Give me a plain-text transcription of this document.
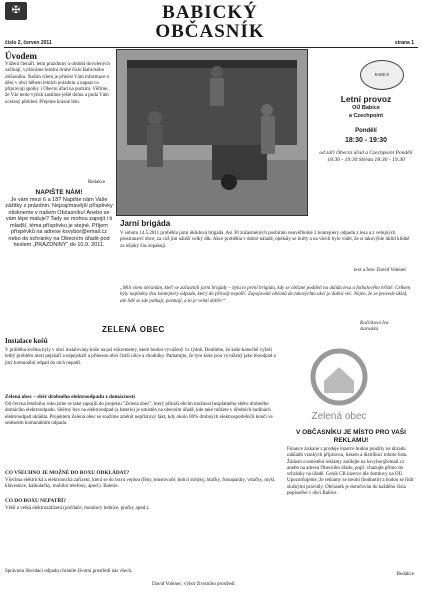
✠	BABICKÝ
OBČASNÍK
číslo 2, červen 2011	strana 1
Úvodem
Vážení čtenáři, letní prázdniny a období dovolených začínají, vydáváme letošní druhé číslo Babického občasníku. Našim cílem je přinést Vám informace o dění v obci během letních prázdnin a napsat co připravují spolky i Obecní úřad na podzim. Věříme, že Vás tento výtisk zastihne ještě doma a poda Vám ucelený přehled. Přejeme krásné léto.
Redakce
NAPIŠTE NÁM!
Je vám mezi 6 a 18? Napište nám Vaše zážitky z prázdnin. Nejzajímavější příspěvky otiskneme v našem Občasníku! Anebo se vám lépe maluje? Tady se mohou zapojit i ti mladší, téma příspěvku je stejné. Příjem příspěvků na adrese ksvybor@email.cz nebo do schránky na Obecním úřadě pod heslem „PRÁZDNINY“ do 10.9. 2011.
BABICE
Letní provoz
OÚ Babice
a Czechpoint
Pondělí
18:30 - 19:30
od září Obecní úřad a Czechpoint Pondělí 18:30 - 19:30 Středa 18:30 - 19:30
Jarní brigáda
V sobotu 14.5.2011 proběhla jarní úklidová brigáda. Asi 30 zúčastněných posbíralo neuvěřitelné 2 kontejnery odpadu z lesa a z veřejných prostranství obce, za což jim náleží velký dík. Akce proběhla v dobré náladě, opékaly se buřty a na všech bylo vidět, že si takovýhle úklid klidně za nějaký čas zopakují.
text a foto: David Volenec
„Milí všem občanům, kteří se zúčastnili jarní brigády – byla to první brigáda, kdy se občané podíleli na úklidu lesa a fotbalového hřiště. Celkem byly naplněny dva kontejnery odpadu, který do přírody nepatří. Zapojování občanů do takovýchto akcí je dobrá věc. Nejen, že se provede úklid, ale lidé se zde potkají, pozmají, a to je velmi dobře.“
Kačírková Iva
starostka
ZELENÁ OBEC
Zelená obec
Instalace košů
V průběhu května byly v obci instalovány koše na psí exkrementy, které budou vyvážený 1x týdně. Doufáme, že koše konečně vyřeší letitý problém mezi pejskaři a nepejskaři a přinesou obci čistší ulice a chodníky. Pamatujte, že tyto koše jsou vyvážený jako bioodpad a jiný komunální odpad do nich nepatří.
Zelená obec – sběr drobného elektroodpadu z domácností
Od června letošního roku jsme se také zapojili do projektu "Zelená obec", který přináší obcím možnost bezplatného sběru drobného domácího elektroodpadu. Sběrný box na elektroodpad (a baterie) je umístěn na obecním úřadě, kde také můžete v úředních hodinách elektroodpad ukládat. Projektem Zelená obec se snažíme změnit nepříznivý fakt, kdy okolo 80% drobných elektrospotřebičů končí ve směsném komunálním odpadu.
CO VŠECHNO JE MOŽNÉ DO BOXU ODKLÁDAT?
Všechna elektrická a elektronická zařízení, která se do boxu vejdou (fény, toustovače, holicí strojky, hračky, fotoaparáty, vrtačky, myši, klávesnice, kalkulačky, mobilní telefony, apod.). Baterie.
CO DO BOXU NEPATŘÍ?
Větší a velká elektrozařízení (počítače, monitory lednice, pračky apod.).
Správnou likvidací odpadu chráníte životní prostředí nás všech.
David Volenec, výbor životního prostředí
V OBČASNÍKU JE MÍSTO PRO VAŠI REKLAMU!
Finance získané z prodeje inzerce budou použity na úhradu nákladů vznikých přípravou, tiskem a distribucí tohoto listu. Žádosti o umístění reklamy zasílejte na ksvybor@email.cz anebo na adresu Obecního úřadu, popř. vhazujte přímo do schránky na úřadě. Ceník CB inzerce dle domluvy na OÚ. Upozorňujeme, že reklamy se nesmí (hodnotit) a budou se řídit slušnými pravidly. Občasník je doručován do každého čísla popisného v obci Babice.
Redakce
